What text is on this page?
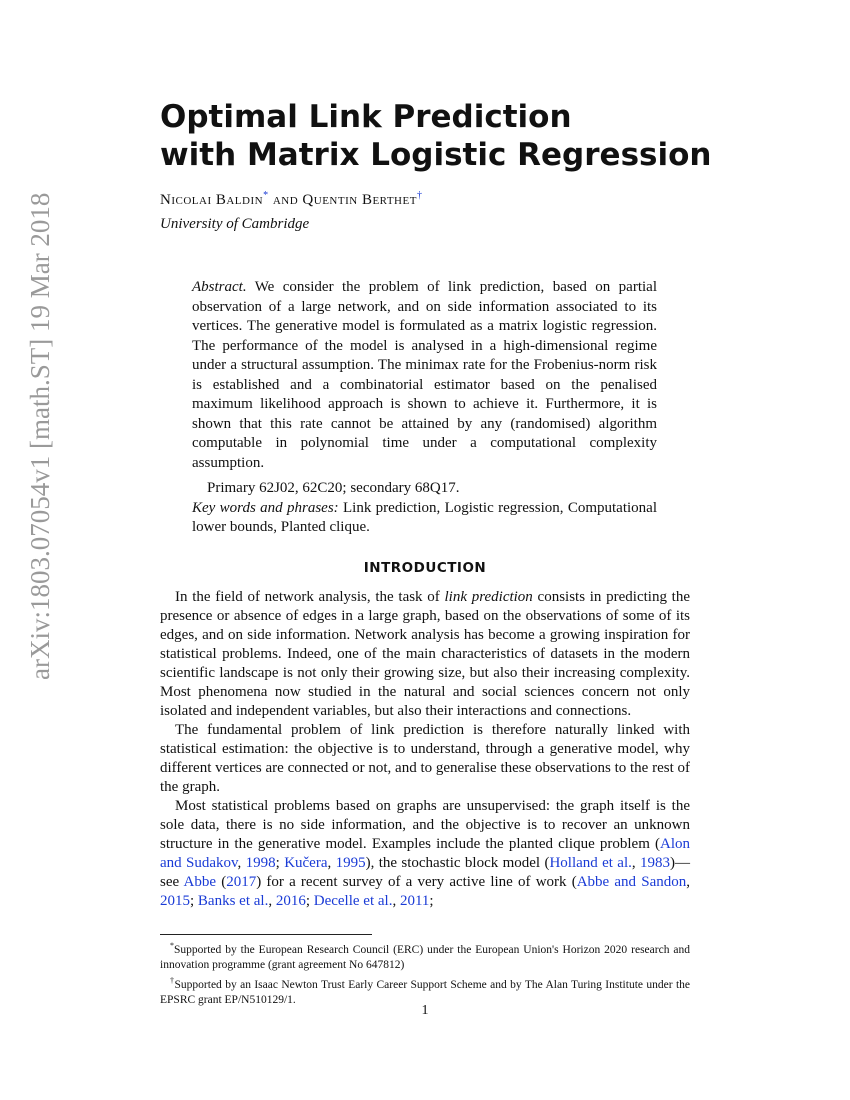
arXiv:1803.07054v1 [math.ST] 19 Mar 2018
Optimal Link Prediction
with Matrix Logistic Regression
Nicolai Baldin* and Quentin Berthet†
University of Cambridge

Abstract. We consider the problem of link prediction, based on partial observation of a large network, and on side information associated to its vertices. The generative model is formulated as a matrix logistic regression. The performance of the model is analysed in a high-dimensional regime under a structural assumption. The minimax rate for the Frobenius-norm risk is established and a combinatorial estimator based on the penalised maximum likelihood approach is shown to achieve it. Furthermore, it is shown that this rate cannot be attained by any (randomised) algorithm computable in polynomial time under a computational complexity assumption.

Primary 62J02, 62C20; secondary 68Q17.

Key words and phrases: Link prediction, Logistic regression, Computational lower bounds, Planted clique.

INTRODUCTION

In the field of network analysis, the task of link prediction consists in predicting the presence or absence of edges in a large graph, based on the observations of some of its edges, and on side information. Network analysis has become a growing inspiration for statistical problems. Indeed, one of the main characteristics of datasets in the modern scientific landscape is not only their growing size, but also their increasing complexity. Most phenomena now studied in the natural and social sciences concern not only isolated and independent variables, but also their interactions and connections.

The fundamental problem of link prediction is therefore naturally linked with statistical estimation: the objective is to understand, through a generative model, why different vertices are connected or not, and to generalise these observations to the rest of the graph.

Most statistical problems based on graphs are unsupervised: the graph itself is the sole data, there is no side information, and the objective is to recover an unknown structure in the generative model. Examples include the planted clique problem (Alon and Sudakov, 1998; Kučera, 1995), the stochastic block model (Holland et al., 1983)—see Abbe (2017) for a recent survey of a very active line of work (Abbe and Sandon, 2015; Banks et al., 2016; Decelle et al., 2011;

*Supported by the European Research Council (ERC) under the European Union's Horizon 2020 research and innovation programme (grant agreement No 647812)

†Supported by an Isaac Newton Trust Early Career Support Scheme and by The Alan Turing Institute under the EPSRC grant EP/N510129/1.

1
